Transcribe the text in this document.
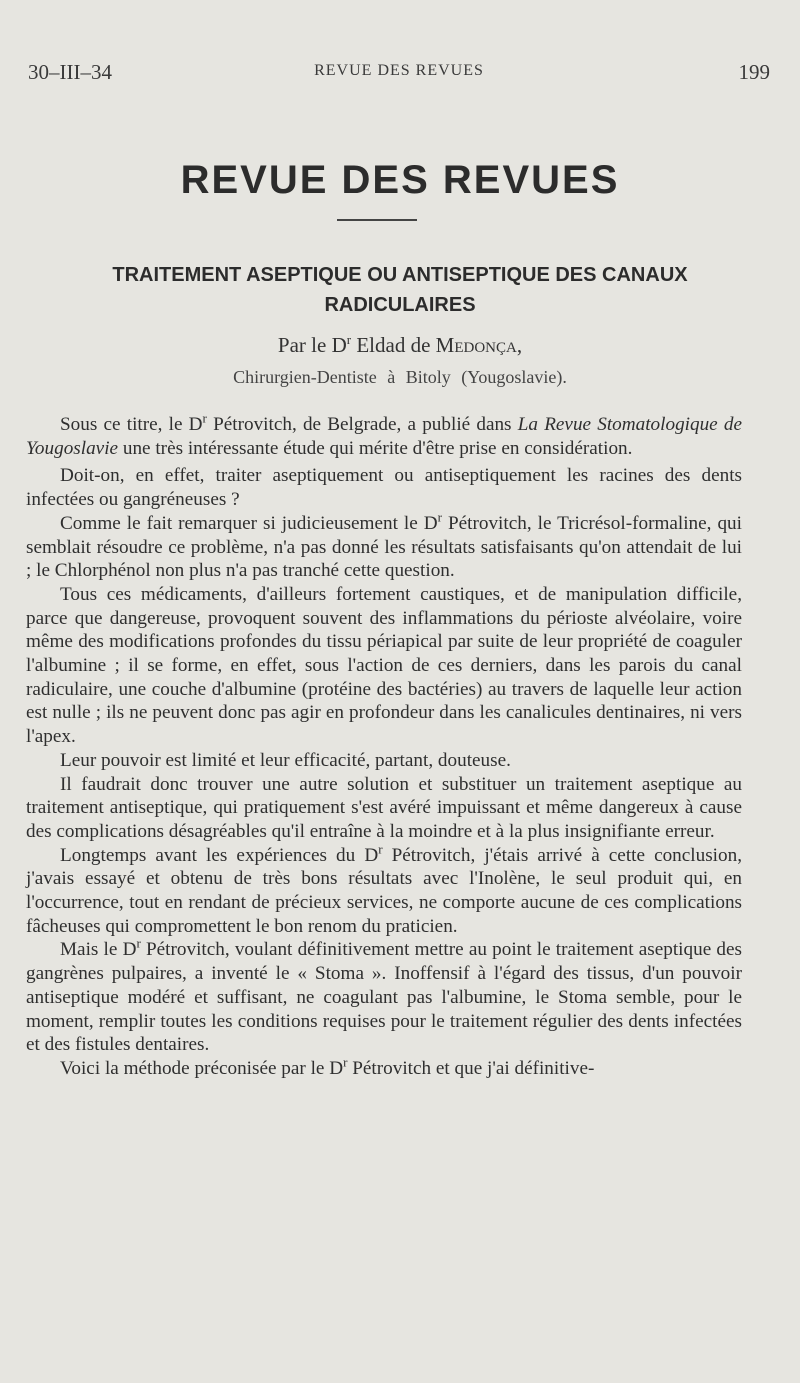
30–III–34	REVUE DES REVUES	199
REVUE DES REVUES
TRAITEMENT ASEPTIQUE OU ANTISEPTIQUE DES CANAUX
RADICULAIRES
Par le $D^r$ Eldad de Medonça,
Chirurgien-Dentiste à Bitoly (Yougoslavie).

Sous ce titre, le $D^r$ Pétrovitch, de Belgrade, a publié dans La Revue Stomatologique de Yougoslavie une très intéressante étude qui mérite d'être prise en considération.

Doit-on, en effet, traiter aseptiquement ou antiseptiquement les racines des dents infectées ou gangréneuses ?

Comme le fait remarquer si judicieusement le $D^r$ Pétrovitch, le Tricrésol-formaline, qui semblait résoudre ce problème, n'a pas donné les résultats satisfaisants qu'on attendait de lui ; le Chlorphénol non plus n'a pas tranché cette question.

Tous ces médicaments, d'ailleurs fortement caustiques, et de manipulation difficile, parce que dangereuse, provoquent souvent des inflammations du périoste alvéolaire, voire même des modifications profondes du tissu périapical par suite de leur propriété de coaguler l'albumine ; il se forme, en effet, sous l'action de ces derniers, dans les parois du canal radiculaire, une couche d'albumine (protéine des bactéries) au travers de laquelle leur action est nulle ; ils ne peuvent donc pas agir en profondeur dans les canalicules dentinaires, ni vers l'apex.

Leur pouvoir est limité et leur efficacité, partant, douteuse.

Il faudrait donc trouver une autre solution et substituer un traitement aseptique au traitement antiseptique, qui pratiquement s'est avéré impuissant et même dangereux à cause des complications désagréables qu'il entraîne à la moindre et à la plus insignifiante erreur.

Longtemps avant les expériences du $D^r$ Pétrovitch, j'étais arrivé à cette conclusion, j'avais essayé et obtenu de très bons résultats avec l'Inolène, le seul produit qui, en l'occurrence, tout en rendant de précieux services, ne comporte aucune de ces complications fâcheuses qui compromettent le bon renom du praticien.

Mais le $D^r$ Pétrovitch, voulant définitivement mettre au point le traitement aseptique des gangrènes pulpaires, a inventé le « Stoma ». Inoffensif à l'égard des tissus, d'un pouvoir antiseptique modéré et suffisant, ne coagulant pas l'albumine, le Stoma semble, pour le moment, remplir toutes les conditions requises pour le traitement régulier des dents infectées et des fistules dentaires.

Voici la méthode préconisée par le $D^r$ Pétrovitch et que j'ai définitive-
